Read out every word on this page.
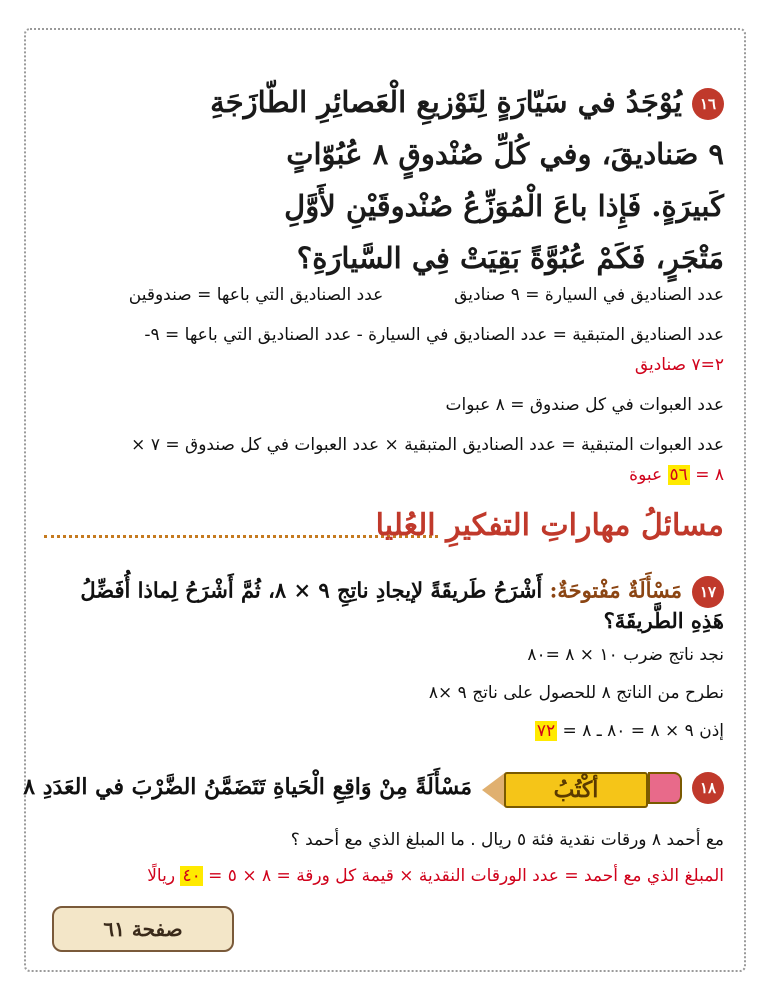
١٦يُوْجَدُ في سَيّارَةٍ لِتَوْزيعِ الْعَصائِرِ الطّازَجَةِ
٩ صَناديقَ، وفي كُلِّ صُنْدوقٍ ٨ عُبُوّاتٍ
كَبيرَةٍ. فَإِذا باعَ الْمُوَزِّعُ صُنْدوقَيْنِ لأَوَّلِ
مَتْجَرٍ، فَكَمْ عُبُوَّةً بَقِيَتْ فِي السَّيارَةِ؟
عدد الصناديق في السيارة = ٩ صناديق  عدد الصناديق التي باعها = صندوقين
عدد الصناديق المتبقية = عدد الصناديق في السيارة - عدد الصناديق التي باعها = ٩-
٢=٧ صناديق
عدد العبوات في كل صندوق = ٨ عبوات
عدد العبوات المتبقية = عدد الصناديق المتبقية × عدد العبوات في كل صندوق = ٧ ×
٨ = ٥٦ عبوة
مسائلُ مهاراتِ التفكيرِ العُليا
١٧مَسْأَلَةٌ مَفْتوحَةٌ: أَشْرَحُ طَريقَةً لإيجادِ ناتِجِ ٩ × ٨، ثُمَّ أَشْرَحُ لِماذا أُفَضِّلُ هَذِهِ الطَّريقَةَ؟
نجد ناتج ضرب ١٠ × ٨ =٨٠
نطرح من الناتج ٨ للحصول على ناتج ٩ ×٨
إذن ٩ × ٨ = ٨٠ ـ ٨ = ٧٢
١٨
أكْتُبُ
مَسْأَلَةً مِنْ وَاقِعِ الْحَياةِ تَتَضَمَّنُ الضَّرْبَ في العَدَدِ ٨
مع أحمد ٨ ورقات نقدية فئة ٥ ريال . ما المبلغ الذي مع أحمد ؟
المبلغ الذي مع أحمد = عدد الورقات النقدية × قيمة كل ورقة = ٨ × ٥ = ٤٠ ريالًا
صفحة ٦١
